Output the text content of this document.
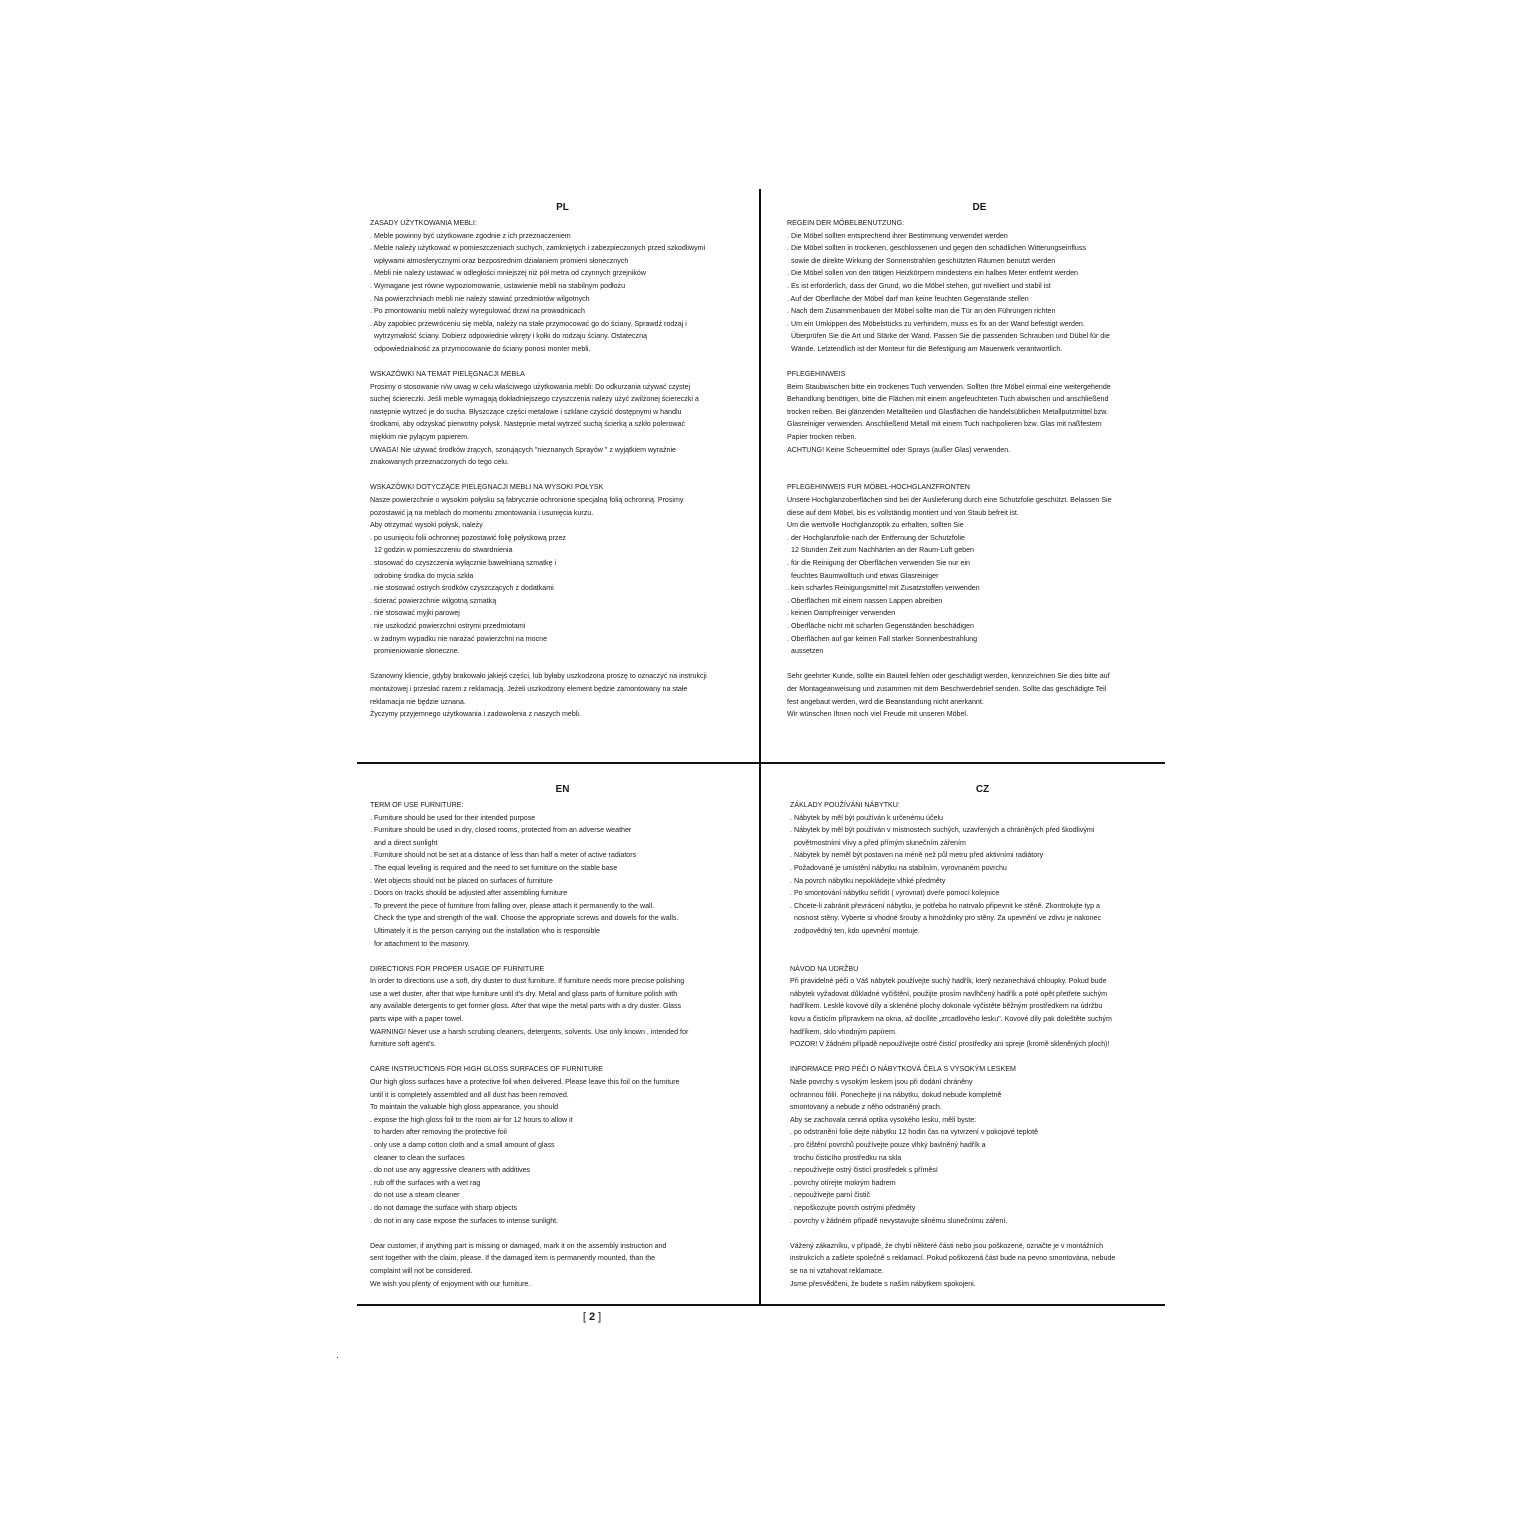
PL
ZASADY UŻYTKOWANIA MEBLI:
. Meble powinny być użytkowane zgodnie z ich przeznaczeniem
. Meble należy użytkować w pomieszczeniach suchych, zamkniętych i zabezpieczonych przed szkodliwymi
wpływami atmosferycznymi oraz bezpośrednim działaniem promieni słonecznych
. Mebli nie należy ustawiać w odległości mniejszej niż pół metra od czynnych grzejników
. Wymagane jest równe wypoziomowanie, ustawienie mebli na stabilnym podłożu
. Na powierzchniach mebli nie należy stawiać przedmiotów wilgotnych
. Po zmontowaniu mebli należy wyregulować drzwi na prowadnicach
. Aby zapobiec przewróceniu się mebla, należy na stałe przymocować go do ściany. Sprawdź rodzaj i
wytrzymałość ściany. Dobierz odpowiednie wkręty i kołki do rodzaju ściany. Ostateczną
odpowiedzialność za przymocowanie do ściany ponosi monter mebli.
WSKAZÓWKI NA TEMAT PIELĘGNACJI MEBLA
Prosimy o stosowanie n/w uwag w celu właściwego użytkowania mebli: Do odkurzania używać czystej
suchej ściereczki. Jeśli meble wymagają dokładniejszego czyszczenia należy użyć zwilżonej ściereczki a
następnie wytrzeć je do sucha. Błyszczące części metalowe i szklane czyścić dostępnymi w handlu
środkami, aby odzyskać pierwotny połysk. Następnie metal wytrzeć suchą ścierką a szkło polerować
miękkim nie pylącym papierem.
UWAGA! Nie używać środków żrących, szorujących "nieznanych Sprayów " z wyjątkiem wyraźnie
znakowanych przeznaczonych do tego celu.
WSKAZÓWKI DOTYCZĄCE PIELĘGNACJI MEBLI NA WYSOKI POŁYSK
Nasze powierzchnie o wysokim połysku są fabrycznie ochronione specjalną folią ochronną. Prosimy
pozostawić ją na meblach do momentu zmontowania i usunięcia kurzu.
Aby otrzymać wysoki połysk, należy
. po usunięciu folii ochronnej pozostawić folię połyskową przez
12 godzin w pomieszczeniu do stwardnienia
. stosować do czyszczenia wyłącznie bawełnianą szmatkę i
odrobinę środka do mycia szkła
. nie stosować ostrych środków czyszczących z dodatkami
. ścierać powierzchnie wilgotną szmatką
. nie stosować myjki parowej
. nie uszkodzić powierzchni ostrymi przedmiotami
. w żadnym wypadku nie narażać powierzchni na mocne
promieniowanie słoneczne.
Szanowny kliencie, gdyby brakowało jakiejś części, lub byłaby uszkodzona proszę to oznaczyć na instrukcji
montażowej i przesłać razem z reklamacją. Jeżeli uszkodzony element będzie zamontowany na stałe
reklamacja nie będzie uznana.
Życzymy przyjemnego użytkowania i zadowolenia z naszych mebli.
DE
REGEIN DER MÖBELBENUTZUNG:
. Die Möbel sollten entsprechend ihrer Bestimmung verwendet werden
. Die Möbel sollten in trockenen, geschlossenen und gegen den schädlichen Witterungseinfluss
sowie die direkte Wirkung der Sonnenstrahlen geschützten Räumen benutzt werden
. Die Möbel sollen von den tätigen Heizkörpern mindestens ein halbes Meter entfernt werden
. Es ist erforderlich, dass der Grund, wo die Möbel stehen, gut nivelliert und stabil ist
. Auf der Oberfläche der Möbel darf man keine feuchten Gegenstände stellen
. Nach dem Zusammenbauen der Möbel sollte man die Tür an den Führungen richten
. Um ein Umkippen des Möbelstücks zu verhindern, muss es fix an der Wand befestigt werden.
Überprüfen Sie die Art und Stärke der Wand. Passen Sie die passenden Schrauben und Dübel für die
Wände. Letztendlich ist der Monteur für die Befestigung am Mauerwerk verantwortlich.
PFLEGEHINWEIS
Beim Staubwischen bitte ein trockenes Tuch verwenden. Sollten Ihre Möbel einmal eine weitergehende
Behandlung benötigen, bitte die Flächen mit einem angefeuchteten Tuch abwischen und anschließend
trocken reiben. Bei glänzenden Metallteilen und Glasflächen die handelsüblichen Metallputzmittel bzw.
Glasreiniger verwenden. Anschließend Metall mit einem Tuch nachpolieren bzw. Glas mit naßfestem
Papier trocken reiben.
ACHTUNG! Keine Scheuermittel oder Sprays (außer Glas) verwenden.
PFLEGEHINWEIS FUR MÖBEL-HOCHGLANZFRONTEN
Unsere Hochglanzoberflächen sind bei der Auslieferung durch eine Schutzfolie geschützt. Belassen Sie
diese auf dem Möbel, bis es vollständig montiert und von Staub befreit ist.
Um die wertvolle Hochglanzoptik zu erhalten, sollten Sie
. der Hochglanzfolie nach der Entfernung der Schutzfolie
12 Stunden Zeit zum Nachhärten an der Raum-Luft geben
. für die Reinigung der Oberflächen verwenden Sie nur ein
feuchtes Baumwolltuch und etwas Glasreiniger
. kein scharfes Reinigungsmittel mit Zusatzstoffen verwenden
. Oberflächen mit einem nassen Lappen abreiben
. keinen Dampfreiniger verwenden
. Oberfläche nicht mit scharfen Gegenständen beschädigen
. Oberflächen auf gar keinen Fall starker Sonnenbestrahlung
aussetzen
Sehr geehrter Kunde, sollte ein Bauteil fehlen oder geschädigt werden, kennzeichnen Sie dies bitte auf
der Montageanweisung und zusammen mit dem Beschwerdebrief senden. Sollte das geschädigte Teil
fest angebaut werden, wird die Beanstandung nicht anerkannt.
Wir wünschen Ihnen noch viel Freude mit unseren Möbel.
EN
TERM OF USE FURNITURE:
. Furniture should be used for their intended purpose
. Furniture should be used in dry, closed rooms, protected from an adverse weather
and a direct sunlight
. Furniture should not be set at a distance of less than half a meter of active radiators
. The equal leveling is required and the need to set furniture on the stable base
. Wet objects should not be placed on surfaces of furniture
. Doors on tracks should be adjusted after assembling furniture
. To prevent the piece of furniture from falling over, please attach it permanently to the wall.
Check the type and strength of the wall. Choose the appropriate screws and dowels for the walls.
Ultimately it is the person carrying out the installation who is responsible
for attachment to the masonry.
DIRECTIONS FOR PROPER USAGE OF FURNITURE
In order to directions use a soft, dry duster to dust furniture. If furniture needs more precise polishing
use a wet duster, after that wipe furniture until it's dry. Metal and glass parts of furniture polish with
any available detergents to get former gloss. After that wipe the metal parts with a dry duster. Glass
parts wipe with a paper towel.
WARNING! Never use a harsh scrubing cleaners, detergents, solvents. Use only known , intended for
furniture soft agent's.
CARE INSTRUCTIONS FOR HIGH GLOSS SURFACES OF FURNITURE
Our high gloss surfaces have a protective foil when delivered. Please leave this foil on the furniture
until it is completely assembled and all dust has been removed.
To maintain the valuable high gloss appearance, you should
. expose the high gloss foil to the room air for 12 hours to allow it
to harden after removing the protective foil
. only use a damp cotton cloth and a small amount of glass
cleaner to clean the surfaces
. do not use any aggressive cleaners with additives
. rub off the surfaces with a wet rag
. do not use a steam cleaner
. do not damage the surface with sharp objects
. do not in any case expose the surfaces to intense sunlight.
Dear customer, if anything part is missing or damaged, mark it on the assembly instruction and
sent together with the claim, please. If the damaged item is permanently mounted, than the
complaint will not be considered.
We wish you plenty of enjoyment with our furniture.
CZ
ZÁKLADY POUŽÍVÁNI NÁBYTKU:
. Nábytek by měl být používán k určenému účelu
. Nábytek by měl být používán v místnostech suchých, uzavřených a chráněných před škodlivými
povětrnostními vlivy a před přímým slunečním zářením
. Nábytek by neměl být postaven na méně než půl metru před aktivními radiátory
. Požadované je umístění nábytku na stabilním, vyrovnaném povrchu
. Na povrch nábytku nepokládejte vlhké předměty
. Po smontování nábytku seřídit ( vyrovnat) dveře pomocí kolejnice
. Chcete-li zabránit převrácení nábytku, je potřeba ho natrvalo připevnit ke stěně. Zkontrolujte typ a
nosnost stěny. Vyberte si vhodné šrouby a hmoždinky pro stěny. Za upevnění ve zdivu je nakonec
zodpovědný ten, kdo upevnění montuje.
NÁVOD NA UDRŽBU
Při pravidelné péči o Váš nábytek používejte suchý hadřík, který nezanechává chloupky. Pokud bude
nábytek vyžadovat důkladné vyčištění, použijte prosím navlhčený hadřík a poté opět přetřete suchým
hadříkem. Lesklé kovové díly a skleněné plochy dokonale vyčistěte běžným prostředkem na údržbu
kovu a čisticím přípravkem na okna, až docílite „zrcadlového lesku". Kovové díly pak doleštěte suchým
hadříkem, sklo vhodným papírem.
POZOR! V žádném případě nepoužívejte ostré čisticí prostředky ani spreje (kromě skleněných ploch)!
INFORMACE PRO PÉČI O NÁBYTKOVÁ ČELA S VYSOKÝM LESKEM
Naše povrchy s vysokým leskem jsou při dodání chráněny
ochrannou fólií. Ponechejte ji na nábytku, dokud nebude kompletně
smontovaný a nebude z něho odstraněný prach.
Aby se zachovala cenná optika vysokého lesku, měli byste:
. po odstranění folie dejte nábytku 12 hodin čas na vytvrzení v pokojové teplotě
. pro čištění povrchů používejte pouze vlhký bavlněný hadřík a
trochu čisticího prostředku na skla
. nepoužívejte ostrý čisticí prostředek s příměsí
. povrchy otírejte mokrým hadrem
. nepoužívejte parní čistič
. nepoškozujte povrch ostrými předměty
. povrchy v žádném případě nevystavujte silnému slunečnímu záření.
Vážený zákazníku, v případě, že chybí některé části nebo jsou poškozené, označte je v montážních
instrukcích a zašlete společně s reklamací. Pokud poškozená část bude na pevno smontována, nebude
se na ni vztahovat reklamace.
Jsme přesvědčeni, že budete s naším nábytkem spokojeni.
[ 2 ]
.
